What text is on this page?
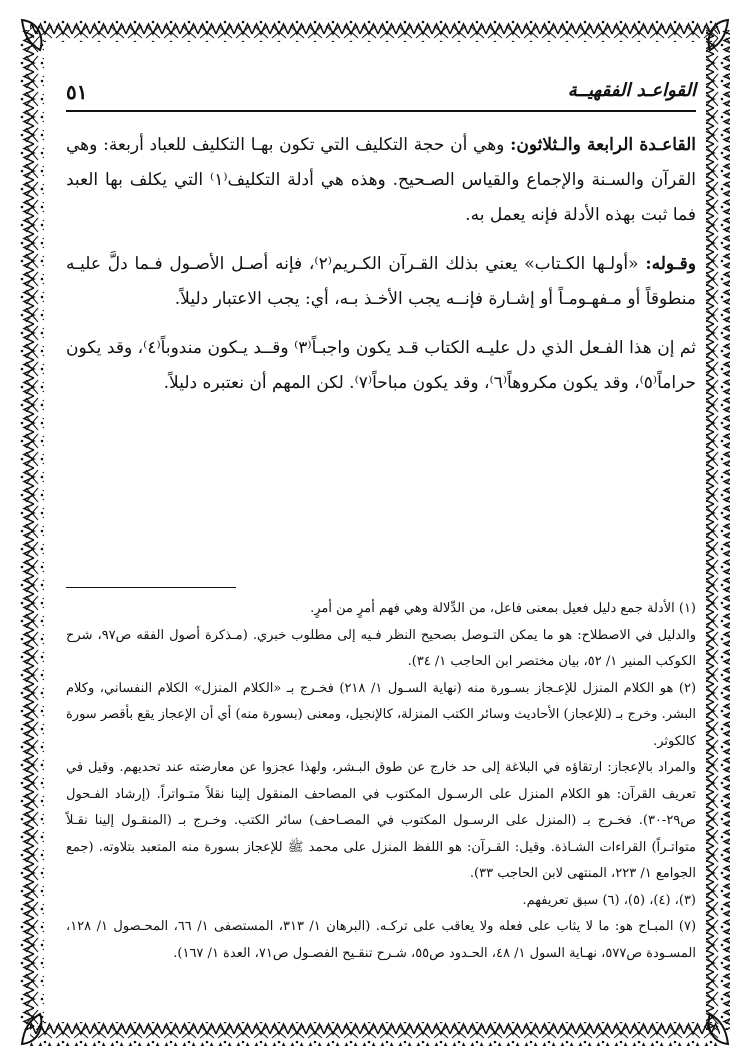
القواعـد الفقهيــة
٥١

القاعـدة الرابعة والـثلاثون: وهي أن حجة التكليف التي تكون بهـا التكليف للعباد أربعة: وهي القرآن والسـنة والإجماع والقياس الصـحيح. وهذه هي أدلة التكليف⁽١⁾ التي يكلف بها العبد فما ثبت بهذه الأدلة فإنه يعمل به.

وقـوله: «أولـها الكـتاب» يعني بذلك القـرآن الكـريم⁽٢⁾، فإنه أصـل الأصـول فـما دلَّ عليـه منطوقاً أو مـفهـومـاً أو إشـارة فإنــه يجب الأخـذ بـه، أي: يجب الاعتبار دليلاً.

ثم إن هذا الفـعل الذي دل عليـه الكتاب قـد يكون واجبـاً⁽٣⁾ وقــد يـكون مندوباً⁽٤⁾، وقد يكون حراماً⁽٥⁾، وقد يكون مكروهاً⁽٦⁾، وقد يكون مباحاً⁽٧⁾. لكن المهم أن نعتبره دليلاً.

(١) الأدلة جمع دليل فعيل بمعنى فاعل، من الدِّلالة وهي فهم أمرٍ من أمرٍ.

والدليل في الاصطلاح: هو ما يمكن التـوصل بصحيح النظر فـيه إلى مطلوب خبري. (مـذكرة أصول الفقه ص٩٧، شرح الكوكب المنير ١/ ٥٢، بيان مختصر ابن الحاجب ١/ ٣٤).

(٢) هو الكلام المنزل للإعـجاز بسـورة منه (نهاية السـول ١/ ٢١٨) فخـرج بـ «الكلام المنزل» الكلام النفساني، وكلام البشر. وخرج بـ (للإعجاز) الأحاديث وسائر الكتب المنزلة، كالإنجيل، ومعنى (بسورة منه) أي أن الإعجاز يقع بأقصر سورة كالكوثر.

والمراد بالإعجاز: ارتقاؤه في البلاغة إلى حد خارج عن طوق البـشر، ولهذا عجزوا عن معارضته عند تحديهم. وقيل في تعريف القرآن: هو الكلام المنزل على الرسـول المكتوب في المصاحف المنقول إلينا نقلاً متـواتراً. (إرشاد الفـحول ص٢٩-٣٠). فخـرج بـ (المنزل على الرسـول المكتوب في المصـاحف) سائر الكتب. وخـرج بـ (المنقـول إلينا نقـلاً متواتـراً) القراءات الشـاذة. وقيل: القـرآن: هو اللفظ المنزل على محمد ﷺ للإعجاز بسورة منه المتعبد بتلاوته. (جمع الجوامع ١/ ٢٢٣، المنتهى لابن الحاجب ٣٣).

(٣)، (٤)، (٥)، (٦) سبق تعريفهم.

(٧) المبـاح هو: ما لا يثاب على فعله ولا يعاقب على تركـه. (البرهان ١/ ٣١٣، المستصفى ١/ ٦٦، المحـصول ١/ ١٢٨، المسـودة ص٥٧٧، نهـاية السول ١/ ٤٨، الحـدود ص٥٥، شـرح تنقـيح الفصـول ص٧١، العدة ١/ ١٦٧).
